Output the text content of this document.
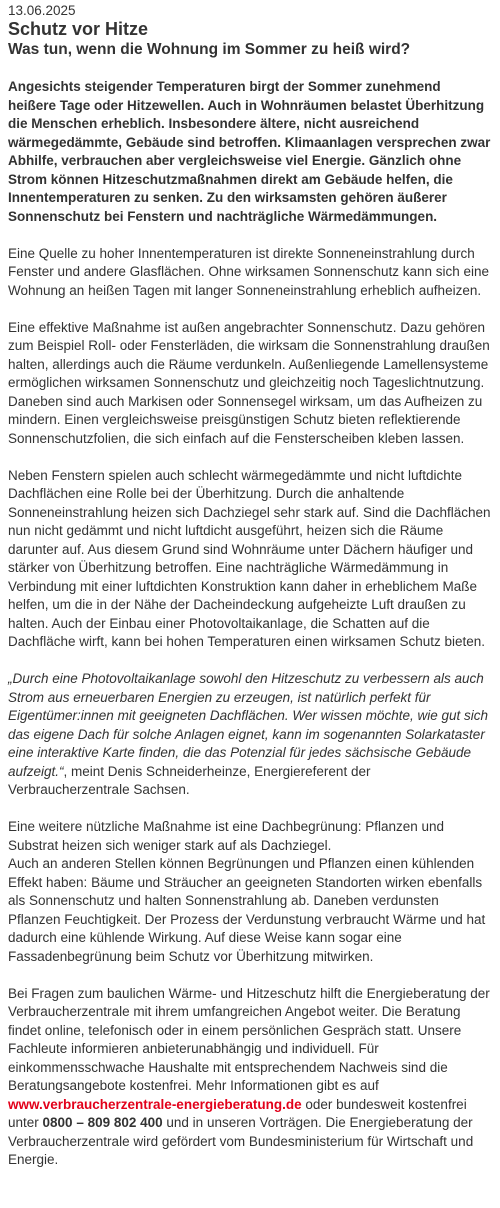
13.06.2025
Schutz vor Hitze
Was tun, wenn die Wohnung im Sommer zu heiß wird?

Angesichts steigender Temperaturen birgt der Sommer zunehmend heißere Tage oder Hitzewellen. Auch in Wohnräumen belastet Überhitzung die Menschen erheblich. Insbesondere ältere, nicht ausreichend wärmegedämmte, Gebäude sind betroffen. Klimaanlagen versprechen zwar Abhilfe, verbrauchen aber vergleichsweise viel Energie. Gänzlich ohne Strom können Hitzeschutzmaßnahmen direkt am Gebäude helfen, die Innentemperaturen zu senken. Zu den wirksamsten gehören äußerer Sonnenschutz bei Fenstern und nachträgliche Wärmedämmungen.

Eine Quelle zu hoher Innentemperaturen ist direkte Sonneneinstrahlung durch Fenster und andere Glasflächen. Ohne wirksamen Sonnenschutz kann sich eine Wohnung an heißen Tagen mit langer Sonneneinstrahlung erheblich aufheizen.

Eine effektive Maßnahme ist außen angebrachter Sonnenschutz. Dazu gehören zum Beispiel Roll- oder Fensterläden, die wirksam die Sonnenstrahlung draußen halten, allerdings auch die Räume verdunkeln. Außenliegende Lamellensysteme ermöglichen wirksamen Sonnenschutz und gleichzeitig noch Tageslichtnutzung. Daneben sind auch Markisen oder Sonnensegel wirksam, um das Aufheizen zu mindern. Einen vergleichsweise preisgünstigen Schutz bieten reflektierende Sonnenschutzfolien, die sich einfach auf die Fensterscheiben kleben lassen.

Neben Fenstern spielen auch schlecht wärmegedämmte und nicht luftdichte Dachflächen eine Rolle bei der Überhitzung. Durch die anhaltende Sonneneinstrahlung heizen sich Dachziegel sehr stark auf. Sind die Dachflächen nun nicht gedämmt und nicht luftdicht ausgeführt, heizen sich die Räume darunter auf. Aus diesem Grund sind Wohnräume unter Dächern häufiger und stärker von Überhitzung betroffen. Eine nachträgliche Wärmedämmung in Verbindung mit einer luftdichten Konstruktion kann daher in erheblichem Maße helfen, um die in der Nähe der Dacheindeckung aufgeheizte Luft draußen zu halten. Auch der Einbau einer Photovoltaikanlage, die Schatten auf die Dachfläche wirft, kann bei hohen Temperaturen einen wirksamen Schutz bieten.

„Durch eine Photovoltaikanlage sowohl den Hitzeschutz zu verbessern als auch Strom aus erneuerbaren Energien zu erzeugen, ist natürlich perfekt für Eigentümer:innen mit geeigneten Dachflächen. Wer wissen möchte, wie gut sich das eigene Dach für solche Anlagen eignet, kann im sogenannten Solarkataster eine interaktive Karte finden, die das Potenzial für jedes sächsische Gebäude aufzeigt.“, meint Denis Schneiderheinze, Energiereferent der Verbraucherzentrale Sachsen.

Eine weitere nützliche Maßnahme ist eine Dachbegrünung: Pflanzen und Substrat heizen sich weniger stark auf als Dachziegel.

Auch an anderen Stellen können Begrünungen und Pflanzen einen kühlenden Effekt haben: Bäume und Sträucher an geeigneten Standorten wirken ebenfalls als Sonnenschutz und halten Sonnenstrahlung ab. Daneben verdunsten Pflanzen Feuchtigkeit. Der Prozess der Verdunstung verbraucht Wärme und hat dadurch eine kühlende Wirkung. Auf diese Weise kann sogar eine Fassadenbegrünung beim Schutz vor Überhitzung mitwirken.

Bei Fragen zum baulichen Wärme- und Hitzeschutz hilft die Energieberatung der Verbraucherzentrale mit ihrem umfangreichen Angebot weiter. Die Beratung findet online, telefonisch oder in einem persönlichen Gespräch statt. Unsere Fachleute informieren anbieterunabhängig und individuell. Für einkommensschwache Haushalte mit entsprechendem Nachweis sind die Beratungsangebote kostenfrei. Mehr Informationen gibt es auf www.verbraucherzentrale-energieberatung.de oder bundesweit kostenfrei unter 0800 – 809 802 400 und in unseren Vorträgen. Die Energieberatung der Verbraucherzentrale wird gefördert vom Bundesministerium für Wirtschaft und Energie.
